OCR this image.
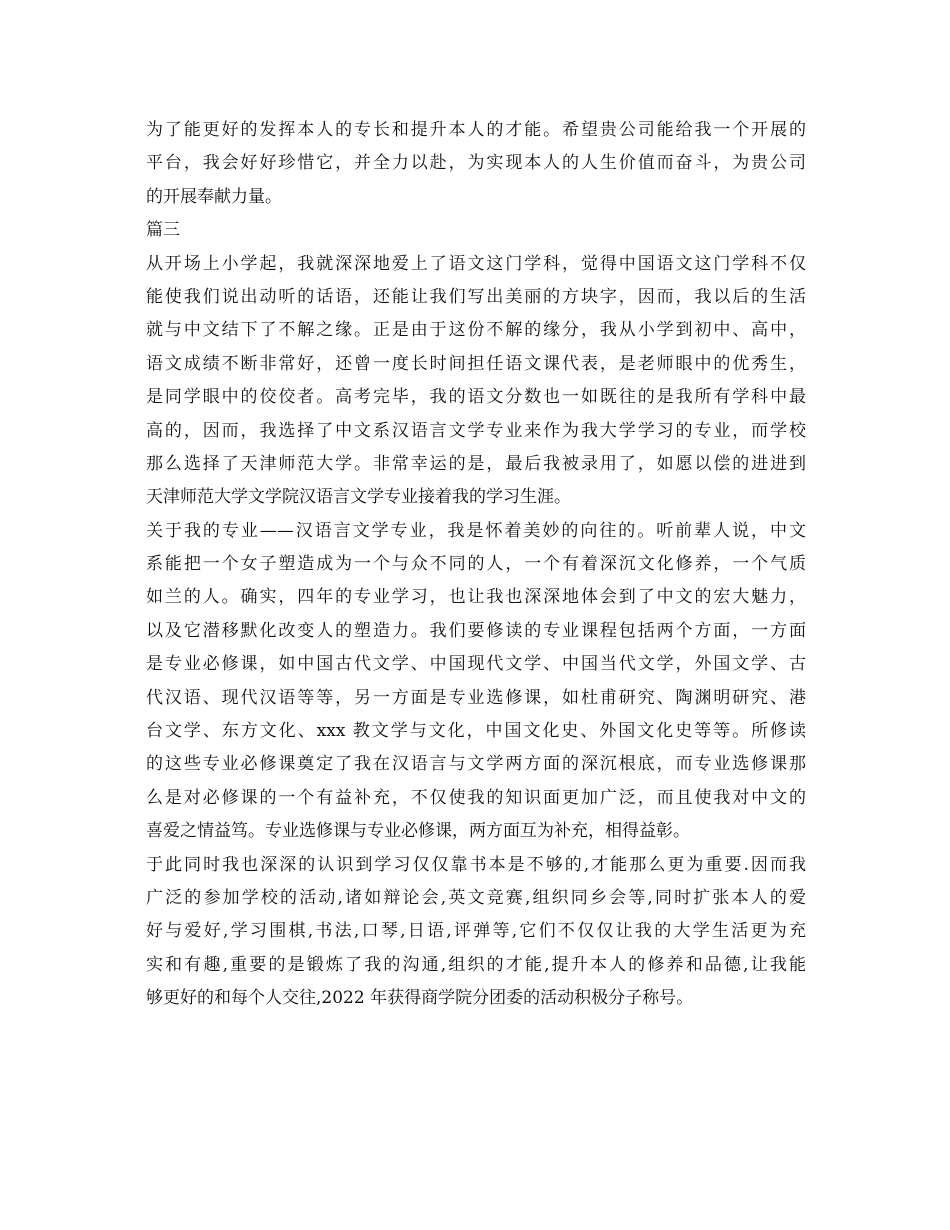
为了能更好的发挥本人的专长和提升本人的才能。希望贵公司能给我一个开展的
平台，我会好好珍惜它，并全力以赴，为实现本人的人生价值而奋斗，为贵公司
的开展奉献力量。
篇三
从开场上小学起，我就深深地爱上了语文这门学科，觉得中国语文这门学科不仅
能使我们说出动听的话语，还能让我们写出美丽的方块字，因而，我以后的生活
就与中文结下了不解之缘。正是由于这份不解的缘分，我从小学到初中、高中，
语文成绩不断非常好，还曾一度长时间担任语文课代表，是老师眼中的优秀生，
是同学眼中的佼佼者。高考完毕，我的语文分数也一如既往的是我所有学科中最
高的，因而，我选择了中文系汉语言文学专业来作为我大学学习的专业，而学校
那么选择了天津师范大学。非常幸运的是，最后我被录用了，如愿以偿的进进到
天津师范大学文学院汉语言文学专业接着我的学习生涯。
关于我的专业——汉语言文学专业，我是怀着美妙的向往的。听前辈人说，中文
系能把一个女子塑造成为一个与众不同的人，一个有着深沉文化修养，一个气质
如兰的人。确实，四年的专业学习，也让我也深深地体会到了中文的宏大魅力，
以及它潜移默化改变人的塑造力。我们要修读的专业课程包括两个方面，一方面
是专业必修课，如中国古代文学、中国现代文学、中国当代文学，外国文学、古
代汉语、现代汉语等等，另一方面是专业选修课，如杜甫研究、陶渊明研究、港
台文学、东方文化、xxx 教文学与文化，中国文化史、外国文化史等等。所修读
的这些专业必修课奠定了我在汉语言与文学两方面的深沉根底，而专业选修课那
么是对必修课的一个有益补充，不仅使我的知识面更加广泛，而且使我对中文的
喜爱之情益笃。专业选修课与专业必修课，两方面互为补充，相得益彰。
于此同时我也深深的认识到学习仅仅靠书本是不够的,才能那么更为重要.因而我
广泛的参加学校的活动,诸如辩论会,英文竞赛,组织同乡会等,同时扩张本人的爱
好与爱好,学习围棋,书法,口琴,日语,评弹等,它们不仅仅让我的大学生活更为充
实和有趣,重要的是锻炼了我的沟通,组织的才能,提升本人的修养和品德,让我能
够更好的和每个人交往,2022 年获得商学院分团委的活动积极分子称号。
